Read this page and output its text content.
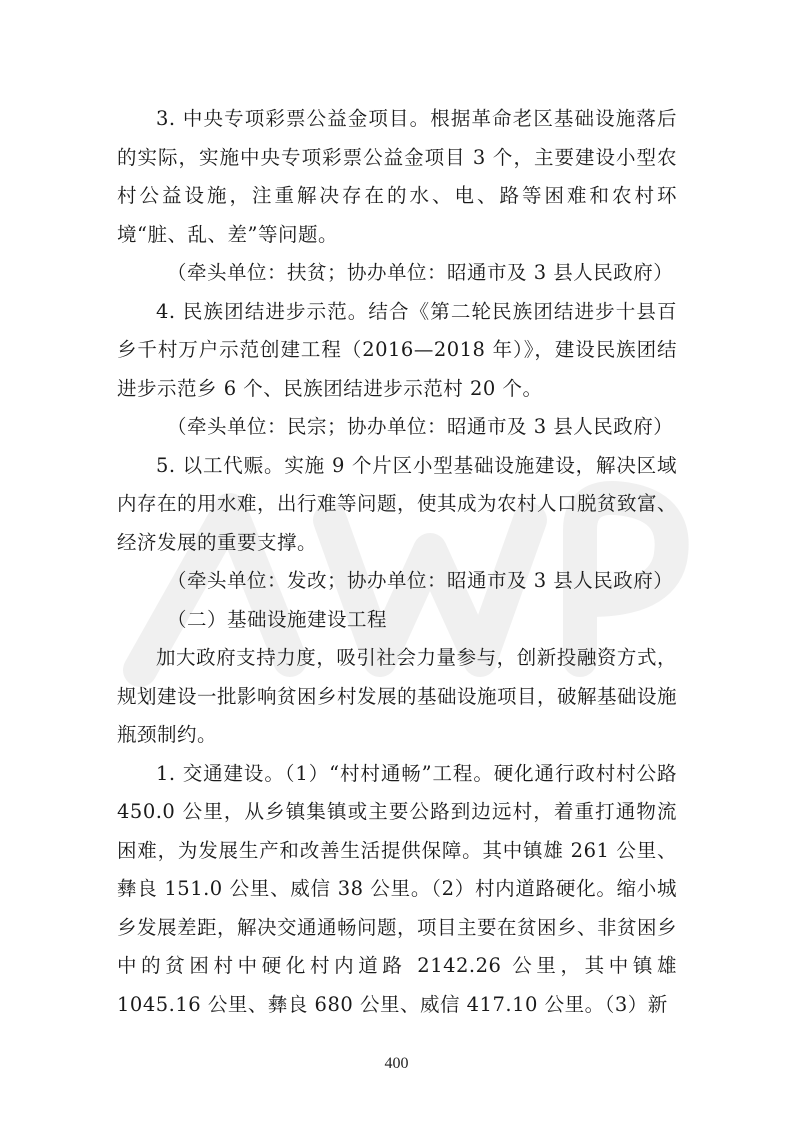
3. 中央专项彩票公益金项目。根据革命老区基础设施落后的实际，实施中央专项彩票公益金项目 3 个，主要建设小型农村公益设施，注重解决存在的水、电、路等困难和农村环境“脏、乱、差”等问题。

（牵头单位：扶贫；协办单位：昭通市及 3 县人民政府）

4. 民族团结进步示范。结合《第二轮民族团结进步十县百乡千村万户示范创建工程（2016—2018 年）》，建设民族团结进步示范乡 6 个、民族团结进步示范村 20 个。

（牵头单位：民宗；协办单位：昭通市及 3 县人民政府）

5. 以工代赈。实施 9 个片区小型基础设施建设，解决区域内存在的用水难，出行难等问题，使其成为农村人口脱贫致富、经济发展的重要支撑。

（牵头单位：发改；协办单位：昭通市及 3 县人民政府）

（二）基础设施建设工程

加大政府支持力度，吸引社会力量参与，创新投融资方式，规划建设一批影响贫困乡村发展的基础设施项目，破解基础设施瓶颈制约。

1. 交通建设。（1）“村村通畅”工程。硬化通行政村村公路 450.0 公里，从乡镇集镇或主要公路到边远村，着重打通物流困难，为发展生产和改善生活提供保障。其中镇雄 261 公里、彝良 151.0 公里、威信 38 公里。（2）村内道路硬化。缩小城乡发展差距，解决交通通畅问题，项目主要在贫困乡、非贫困乡中的贫困村中硬化村内道路 2142.26 公里，其中镇雄 1045.16 公里、彝良 680 公里、威信 417.10 公里。（3）新

400
